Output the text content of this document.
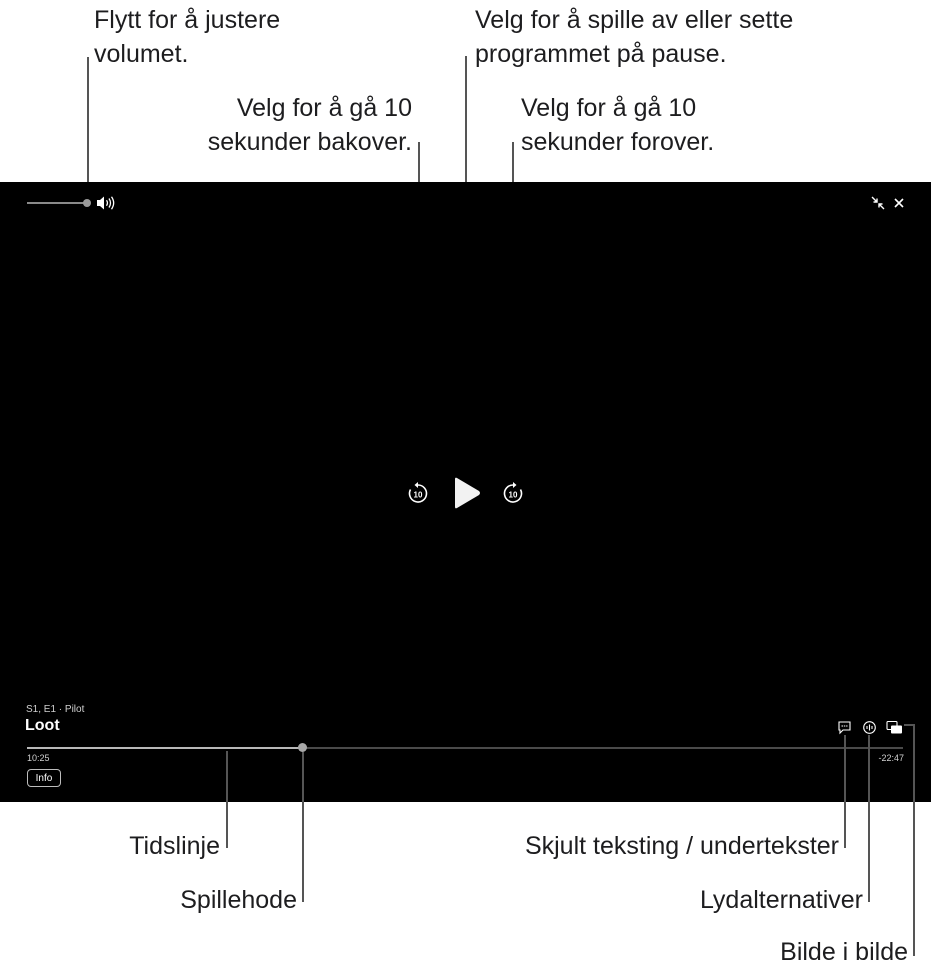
Flytt for å justere
volumet.
Velg for å spille av eller sette
programmet på pause.
Velg for å gå 10
sekunder bakover.
Velg for å gå 10
sekunder forover.
10	10
S1, E1 · Pilot
Loot
10:25	-22:47
Info
Tidslinje
Spillehode
Skjult teksting / undertekster
Lydalternativer
Bilde i bilde
